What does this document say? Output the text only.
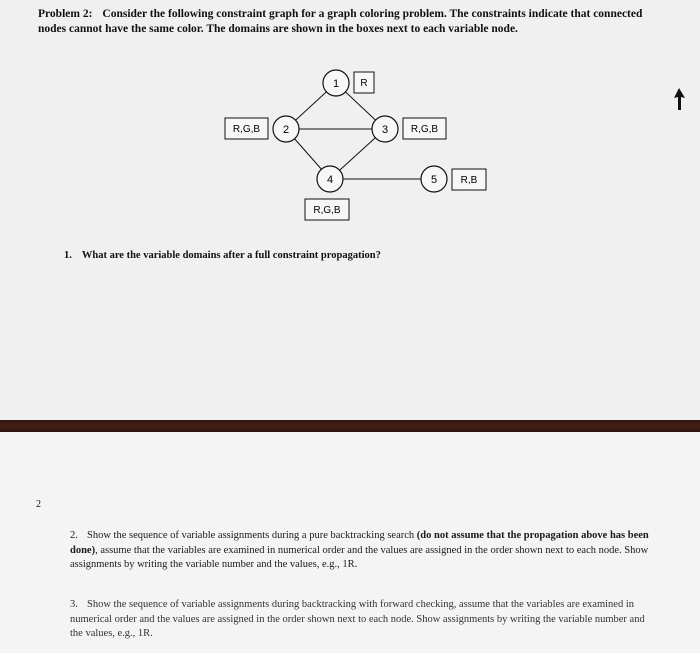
Problem 2: Consider the following constraint graph for a graph coloring problem. The constraints indicate that connected nodes cannot have the same color. The domains are shown in the boxes next to each variable node.
1 R
2
R,G,B	3 R,G,B
4
R,G,B
5 R,B
1. What are the variable domains after a full constraint propagation?
2
2. Show the sequence of variable assignments during a pure backtracking search (do not assume that the propagation above has been done), assume that the variables are examined in numerical order and the values are assigned in the order shown next to each node. Show assignments by writing the variable number and the values, e.g., 1R.
3. Show the sequence of variable assignments during backtracking with forward checking, assume that the variables are examined in numerical order and the values are assigned in the order shown next to each node. Show assignments by writing the variable number and the values, e.g., 1R.
